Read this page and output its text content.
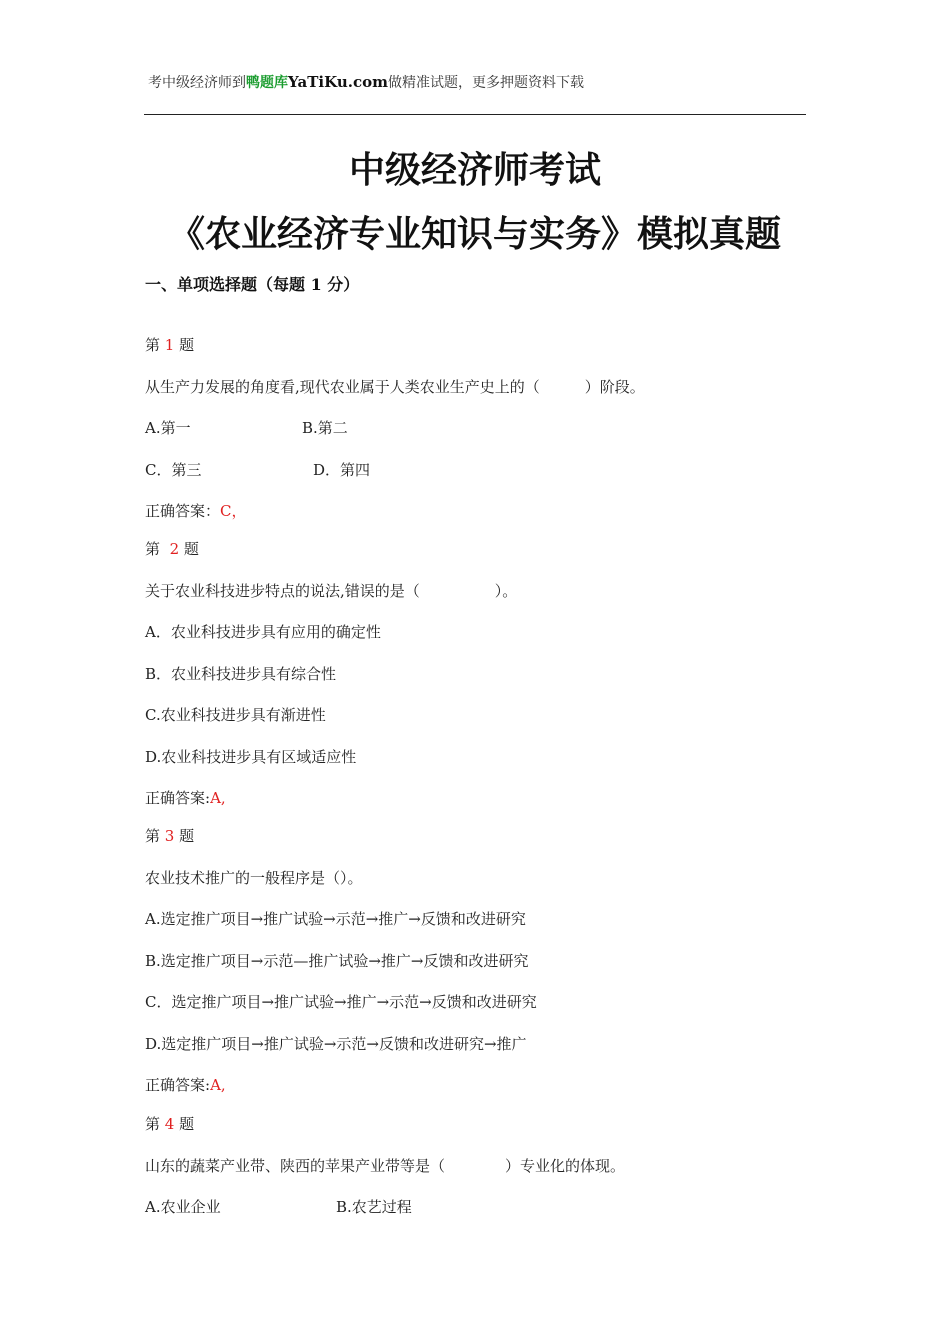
考中级经济师到鸭题库YaTiKu.com做精准试题，更多押题资料下载
中级经济师考试
《农业经济专业知识与实务》模拟真题
一、单项选择题（每题 1 分）
第 1 题
从生产力发展的角度看,现代农业属于人类农业生产史上的（　　　）阶段。
A.第一	B.第二
C．第三	D．第四
正确答案：C，
第  2 题
关于农业科技进步特点的说法,错误的是（　　　　　）。
A．农业科技进步具有应用的确定性
B．农业科技进步具有综合性
C.农业科技进步具有渐进性
D.农业科技进步具有区域适应性
正确答案:A,
第 3 题
农业技术推广的一般程序是（）。
A.选定推广项目→推广试验→示范→推广→反馈和改进研究
B.选定推广项目→示范—推广试验→推广→反馈和改进研究
C．选定推广项目→推广试验→推广→示范→反馈和改进研究
D.选定推广项目→推广试验→示范→反馈和改进研究→推广
正确答案:A,
第 4 题
山东的蔬菜产业带、陕西的苹果产业带等是（　　　　）专业化的体现。
A.农业企业	B.农艺过程
